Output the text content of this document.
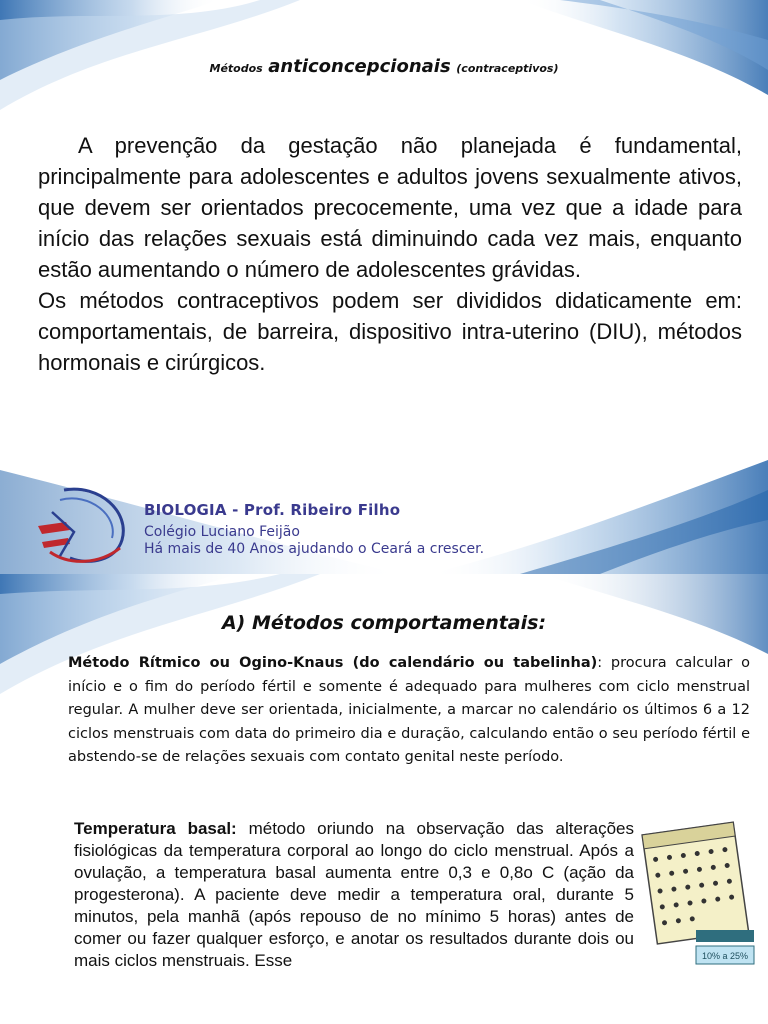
Métodos anticoncepcionais (contraceptivos)

A prevenção da gestação não planejada é fundamental, principalmente para adolescentes e adultos jovens sexualmente ativos, que devem ser orientados precocemente, uma vez que a idade para início das relações sexuais está diminuindo cada vez mais, enquanto estão aumentando o número de adolescentes grávidas.

Os métodos contraceptivos podem ser divididos didaticamente em: comportamentais, de barreira, dispositivo intra-uterino (DIU), métodos hormonais e cirúrgicos.

BIOLOGIA - Prof. Ribeiro Filho
Colégio Luciano Feijão
Há mais de 40 Anos ajudando o Ceará a crescer.
A) Métodos comportamentais:

Método Rítmico ou Ogino-Knaus (do calendário ou tabelinha): procura calcular o início e o fim do período fértil e somente é adequado para mulheres com ciclo menstrual regular. A mulher deve ser orientada, inicialmente, a marcar no calendário os últimos 6 a 12 ciclos menstruais com data do primeiro dia e duração, calculando então o seu período fértil e abstendo-se de relações sexuais com contato genital neste período.

Temperatura basal: método oriundo na observação das alterações fisiológicas da temperatura corporal ao longo do ciclo menstrual. Após a ovulação, a temperatura basal aumenta entre 0,3 e 0,8o C (ação da progesterona). A paciente deve medir a temperatura oral, durante 5 minutos, pela manhã (após repouso de no mínimo 5 horas) antes de comer ou fazer qualquer esforço, e anotar os resultados durante dois ou mais ciclos menstruais. Esse	10% a 25%
